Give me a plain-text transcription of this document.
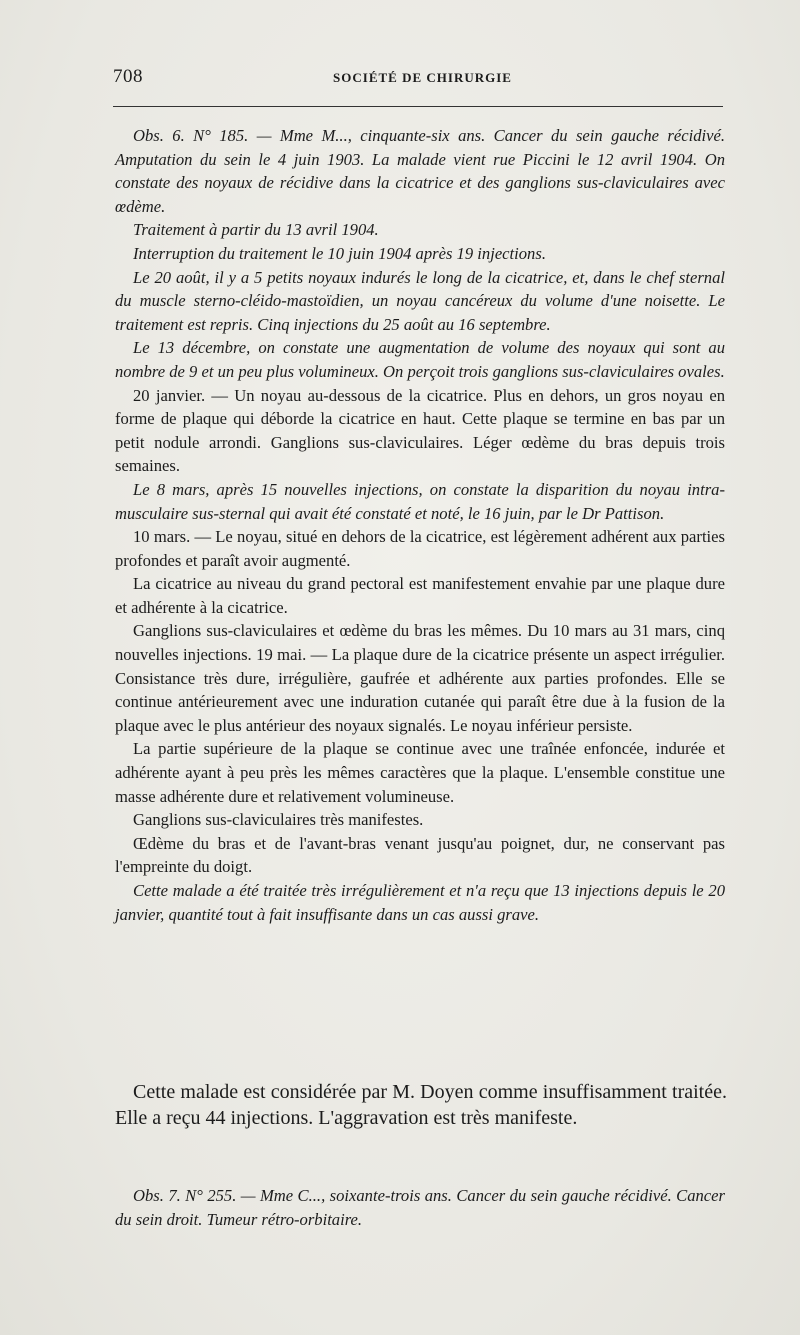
708	SOCIÉTÉ DE CHIRURGIE

Obs. 6. N° 185. — Mme M..., cinquante-six ans. Cancer du sein gauche récidivé. Amputation du sein le 4 juin 1903. La malade vient rue Piccini le 12 avril 1904. On constate des noyaux de récidive dans la cicatrice et des ganglions sus-claviculaires avec œdème.

Traitement à partir du 13 avril 1904.

Interruption du traitement le 10 juin 1904 après 19 injections.

Le 20 août, il y a 5 petits noyaux indurés le long de la cicatrice, et, dans le chef sternal du muscle sterno-cléido-mastoïdien, un noyau cancéreux du volume d'une noisette. Le traitement est repris. Cinq injections du 25 août au 16 septembre.

Le 13 décembre, on constate une augmentation de volume des noyaux qui sont au nombre de 9 et un peu plus volumineux. On perçoit trois ganglions sus-claviculaires ovales.

20 janvier. — Un noyau au-dessous de la cicatrice. Plus en dehors, un gros noyau en forme de plaque qui déborde la cicatrice en haut. Cette plaque se termine en bas par un petit nodule arrondi. Ganglions sus-claviculaires. Léger œdème du bras depuis trois semaines.

Le 8 mars, après 15 nouvelles injections, on constate la disparition du noyau intra-musculaire sus-sternal qui avait été constaté et noté, le 16 juin, par le Dr Pattison.

10 mars. — Le noyau, situé en dehors de la cicatrice, est légèrement adhérent aux parties profondes et paraît avoir augmenté.

La cicatrice au niveau du grand pectoral est manifestement envahie par une plaque dure et adhérente à la cicatrice.

Ganglions sus-claviculaires et œdème du bras les mêmes. Du 10 mars au 31 mars, cinq nouvelles injections. 19 mai. — La plaque dure de la cicatrice présente un aspect irrégulier. Consistance très dure, irrégulière, gaufrée et adhérente aux parties profondes. Elle se continue antérieurement avec une induration cutanée qui paraît être due à la fusion de la plaque avec le plus antérieur des noyaux signalés. Le noyau inférieur persiste.

La partie supérieure de la plaque se continue avec une traînée enfoncée, indurée et adhérente ayant à peu près les mêmes caractères que la plaque. L'ensemble constitue une masse adhérente dure et relativement volumineuse.

Ganglions sus-claviculaires très manifestes.

Œdème du bras et de l'avant-bras venant jusqu'au poignet, dur, ne conservant pas l'empreinte du doigt.

Cette malade a été traitée très irrégulièrement et n'a reçu que 13 injections depuis le 20 janvier, quantité tout à fait insuffisante dans un cas aussi grave.

Cette malade est considérée par M. Doyen comme insuffisamment traitée. Elle a reçu 44 injections. L'aggravation est très manifeste.

Obs. 7. N° 255. — Mme C..., soixante-trois ans. Cancer du sein gauche récidivé. Cancer du sein droit. Tumeur rétro-orbitaire.
